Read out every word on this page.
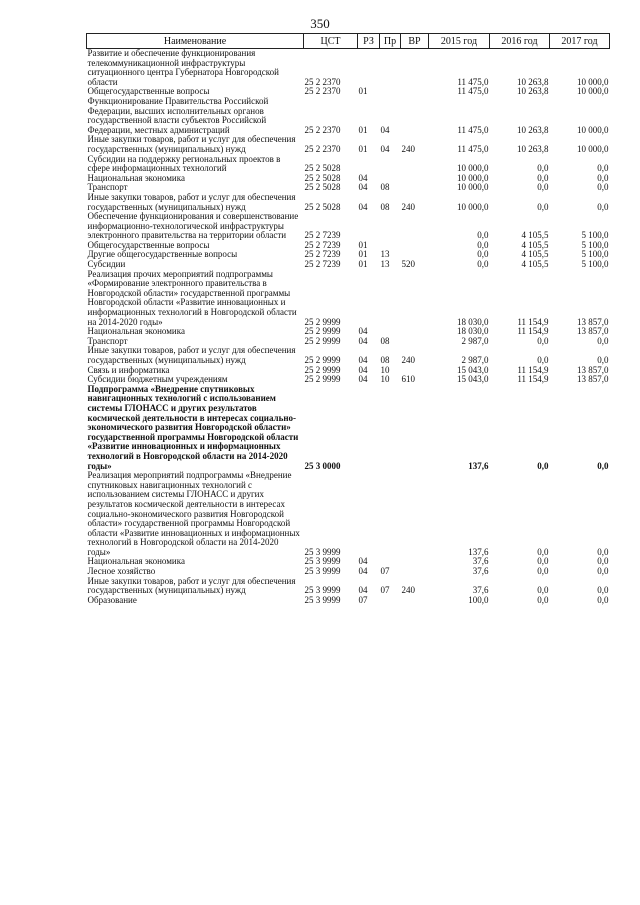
350
Наименование	ЦСТ	РЗ	Пр	ВР	2015 год	2016 год	2017 год
Развитие и обеспечение функционирования телекоммуникационной инфраструктуры ситуационного центра Губернатора Новгородской области	25 2 2370				11 475,0	10 263,8	10 000,0
Общегосударственные вопросы	25 2 2370	01			11 475,0	10 263,8	10 000,0
Функционирование Правительства Российской Федерации, высших исполнительных органов государственной власти субъектов Российской Федерации, местных администраций	25 2 2370	01	04		11 475,0	10 263,8	10 000,0
Иные закупки товаров, работ и услуг для обеспечения государственных (муниципальных) нужд	25 2 2370	01	04	240	11 475,0	10 263,8	10 000,0
Субсидии на поддержку региональных проектов в сфере информационных технологий	25 2 5028				10 000,0	0,0	0,0
Национальная экономика	25 2 5028	04			10 000,0	0,0	0,0
Транспорт	25 2 5028	04	08		10 000,0	0,0	0,0
Иные закупки товаров, работ и услуг для обеспечения государственных (муниципальных) нужд	25 2 5028	04	08	240	10 000,0	0,0	0,0
Обеспечение функционирования и совершенствование информационно-технологической инфраструктуры электронного правительства на территории области	25 2 7239				0,0	4 105,5	5 100,0
Общегосударственные вопросы	25 2 7239	01			0,0	4 105,5	5 100,0
Другие общегосударственные вопросы	25 2 7239	01	13		0,0	4 105,5	5 100,0
Субсидии	25 2 7239	01	13	520	0,0	4 105,5	5 100,0
Реализация прочих мероприятий подпрограммы «Формирование электронного правительства в Новгородской области» государственной программы Новгородской области «Развитие инновационных и информационных технологий в Новгородской области на 2014-2020 годы»	25 2 9999				18 030,0	11 154,9	13 857,0
Национальная экономика	25 2 9999	04			18 030,0	11 154,9	13 857,0
Транспорт	25 2 9999	04	08		2 987,0	0,0	0,0
Иные закупки товаров, работ и услуг для обеспечения государственных (муниципальных) нужд	25 2 9999	04	08	240	2 987,0	0,0	0,0
Связь и информатика	25 2 9999	04	10		15 043,0	11 154,9	13 857,0
Субсидии бюджетным учреждениям	25 2 9999	04	10	610	15 043,0	11 154,9	13 857,0
Подпрограмма «Внедрение спутниковых навигационных технологий с использованием системы ГЛОНАСС и других результатов космической деятельности в интересах социально-экономического развития Новгородской области» государственной программы Новгородской области «Развитие инновационных и информационных технологий в Новгородской области на 2014-2020 годы»	25 3 0000				137,6	0,0	0,0
Реализация мероприятий подпрограммы «Внедрение спутниковых навигационных технологий с использованием системы ГЛОНАСС и других результатов космической деятельности в интересах социально-экономического развития Новгородской области» государственной программы Новгородской области «Развитие инновационных и информационных технологий в Новгородской области на 2014-2020 годы»	25 3 9999				137,6	0,0	0,0
Национальная экономика	25 3 9999	04			37,6	0,0	0,0
Лесное хозяйство	25 3 9999	04	07		37,6	0,0	0,0
Иные закупки товаров, работ и услуг для обеспечения государственных (муниципальных) нужд	25 3 9999	04	07	240	37,6	0,0	0,0
Образование	25 3 9999	07			100,0	0,0	0,0
